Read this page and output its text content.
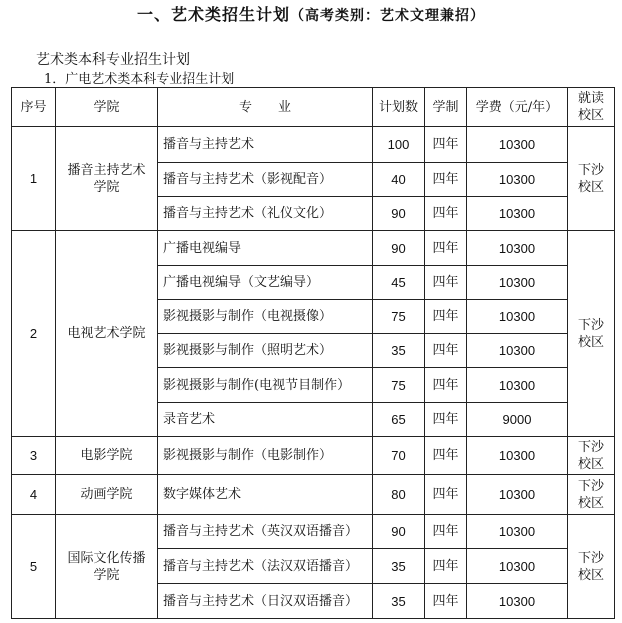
一、艺术类招生计划（高考类别：艺术文理兼招）
艺术类本科专业招生计划
1．广电艺术类本科专业招生计划
序号	学院	专　　业	计划数	学制	学费（元/年）	就读校区
1	播音主持艺术学院	播音与主持艺术	100	四年	10300	下沙校区
		播音与主持艺术（影视配音）	40	四年	10300	
		播音与主持艺术（礼仪文化）	90	四年	10300	
2	电视艺术学院	广播电视编导	90	四年	10300	下沙校区
		广播电视编导（文艺编导）	45	四年	10300	
		影视摄影与制作（电视摄像）	75	四年	10300	
		影视摄影与制作（照明艺术）	35	四年	10300	
		影视摄影与制作(电视节目制作）	75	四年	10300	
		录音艺术	65	四年	9000	
3	电影学院	影视摄影与制作（电影制作）	70	四年	10300	下沙校区
4	动画学院	数字媒体艺术	80	四年	10300	下沙校区
5	国际文化传播学院	播音与主持艺术（英汉双语播音）	90	四年	10300	下沙校区
		播音与主持艺术（法汉双语播音）	35	四年	10300	
		播音与主持艺术（日汉双语播音）	35	四年	10300	
